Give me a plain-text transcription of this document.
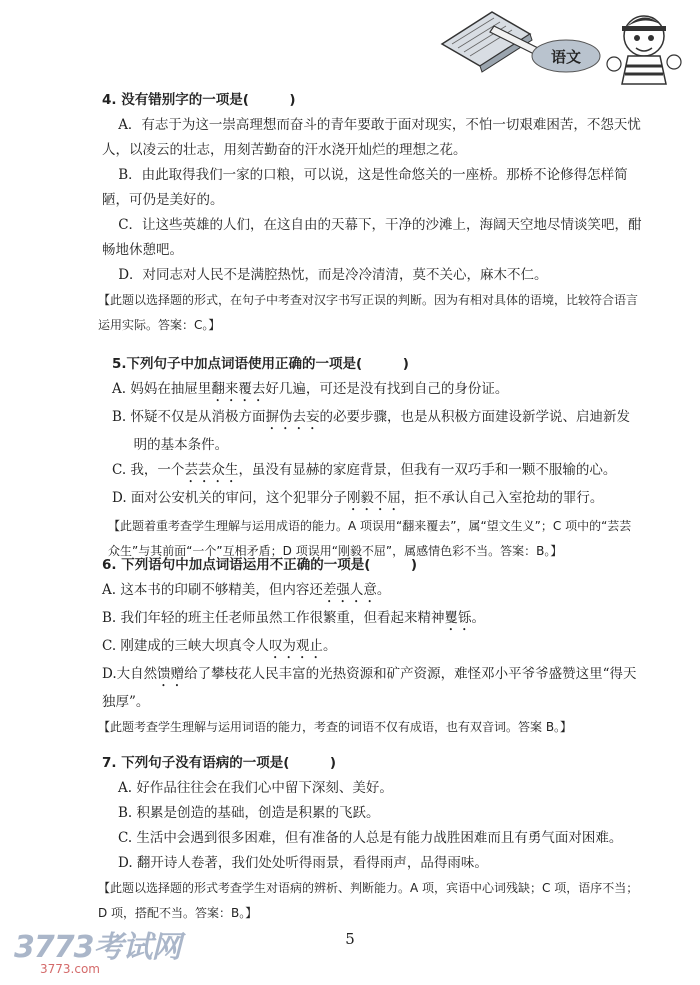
语文
4. 没有错别字的一项是(　　　)
A．有志于为这一崇高理想而奋斗的青年要敢于面对现实，不怕一切艰难困苦，不怨天忧人，以凌云的壮志，用刻苦勤奋的汗水浇开灿烂的理想之花。
B．由此取得我们一家的口粮，可以说，这是性命悠关的一座桥。那桥不论修得怎样简陋，可仍是美好的。
C．让这些英雄的人们，在这自由的天幕下，干净的沙滩上，海阔天空地尽情谈笑吧，酣畅地休憩吧。
D．对同志对人民不是满腔热忱，而是冷冷清清，莫不关心，麻木不仁。
【此题以选择题的形式，在句子中考查对汉字书写正误的判断。因为有相对具体的语境，比较符合语言运用实际。答案：C。】
5.下列句子中加点词语使用正确的一项是(　　　)
A. 妈妈在抽屉里翻来覆去好几遍，可还是没有找到自己的身份证。
B. 怀疑不仅是从消极方面摒伪去妄的必要步骤，也是从积极方面建设新学说、启迪新发明的基本条件。
C. 我，一个芸芸众生，虽没有显赫的家庭背景，但我有一双巧手和一颗不服输的心。
D. 面对公安机关的审问，这个犯罪分子刚毅不屈，拒不承认自己入室抢劫的罪行。
【此题着重考查学生理解与运用成语的能力。A 项误用“翻来覆去”，属“望文生义”；C 项中的“芸芸众生”与其前面“一个”互相矛盾；D 项误用“刚毅不屈”，属感情色彩不当。答案：B。】
6. 下列语句中加点词语运用不正确的一项是(　　　)
A. 这本书的印刷不够精美，但内容还差强人意。
B. 我们年轻的班主任老师虽然工作很繁重，但看起来精神矍铄。
C. 刚建成的三峡大坝真令人叹为观止。
D.大自然馈赠给了攀枝花人民丰富的光热资源和矿产资源，难怪邓小平爷爷盛赞这里“得天独厚”。
【此题考查学生理解与运用词语的能力，考查的词语不仅有成语，也有双音词。答案 B。】
7. 下列句子没有语病的一项是(　　　)
A. 好作品往往会在我们心中留下深刻、美好。
B. 积累是创造的基础，创造是积累的飞跃。
C. 生活中会遇到很多困难，但有准备的人总是有能力战胜困难而且有勇气面对困难。
D. 翻开诗人卷著，我们处处听得雨景，看得雨声，品得雨味。
【此题以选择题的形式考查学生对语病的辨析、判断能力。A 项，宾语中心词残缺；C 项，语序不当；D 项，搭配不当。答案：B。】
5
3773考试网
3773.com
